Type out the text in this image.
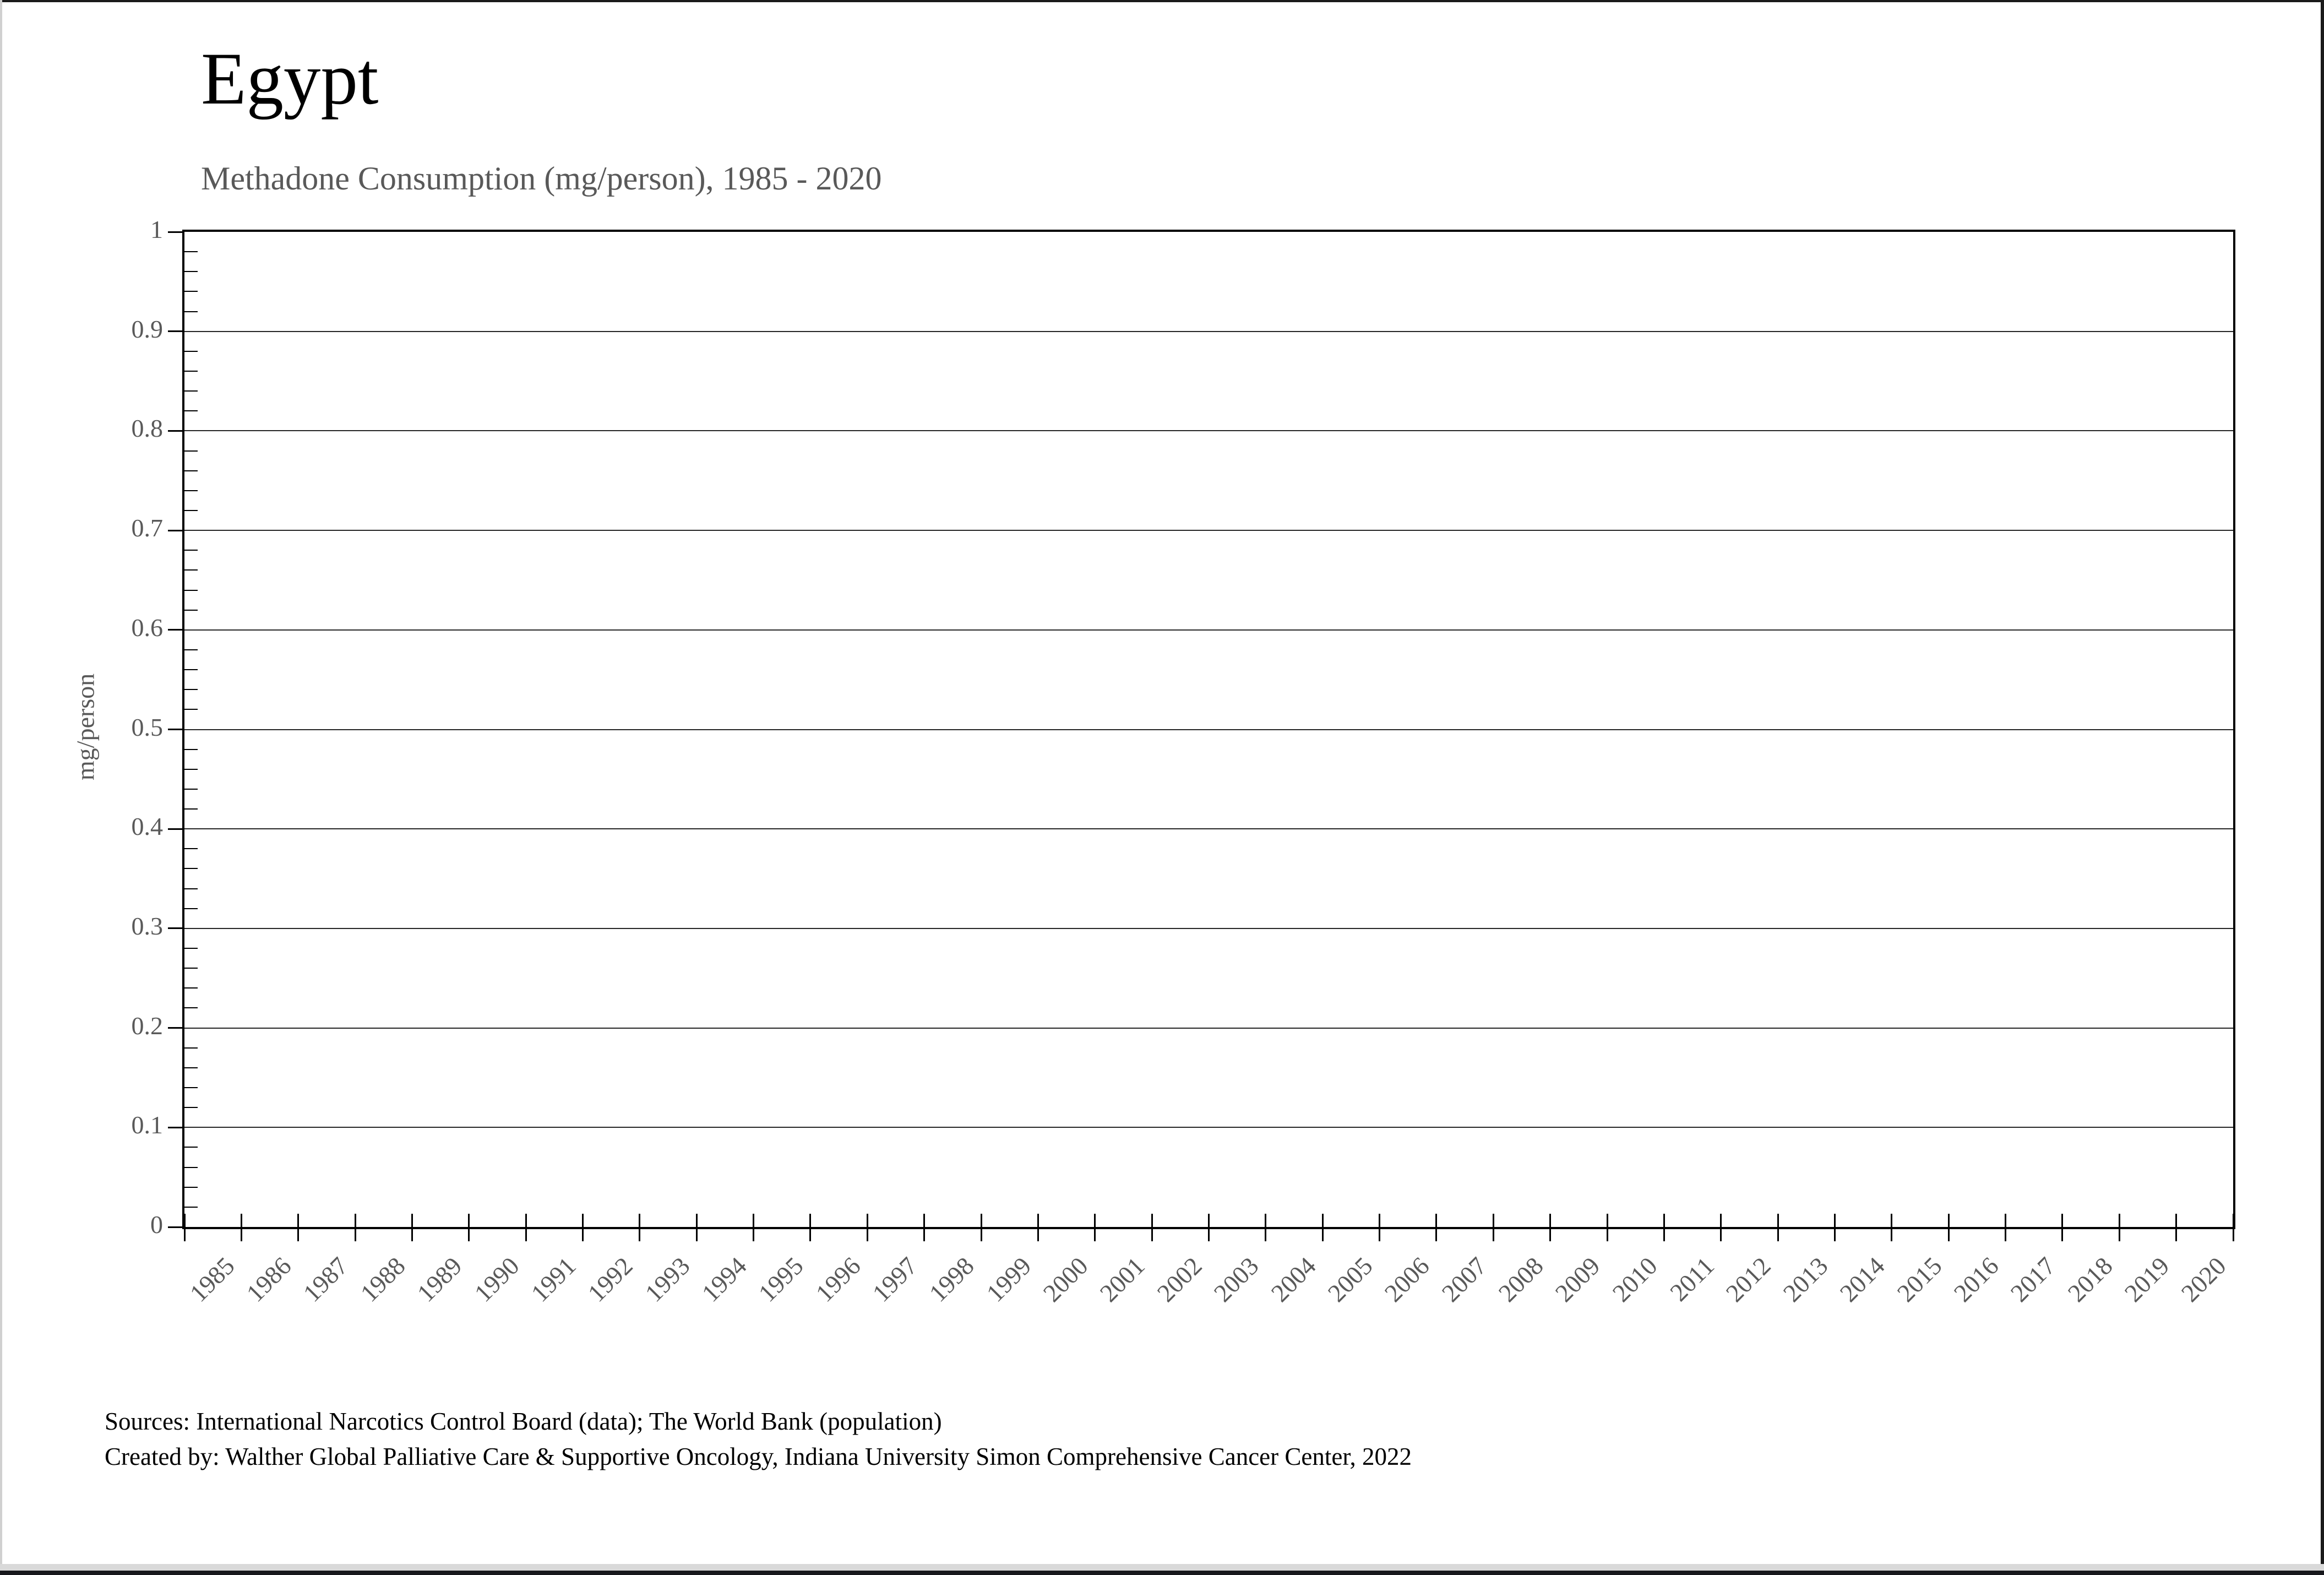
Egypt
Methadone Consumption (mg/person), 1985 - 2020
mg/person
0
0.1
0.2
0.3
0.4
0.5
0.6
0.7
0.8
0.9
1
1985 1986 1987 1988 1989 1990 1991 1992 1993 1994 1995 1996 1997 1998 1999 2000 2001 2002 2003 2004 2005 2006 2007 2008 2009 2010 2011 2012 2013 2014 2015 2016 2017 2018 2019 2020
Sources: International Narcotics Control Board (data); The World Bank (population)
Created by: Walther Global Palliative Care & Supportive Oncology, Indiana University Simon Comprehensive Cancer Center, 2022
